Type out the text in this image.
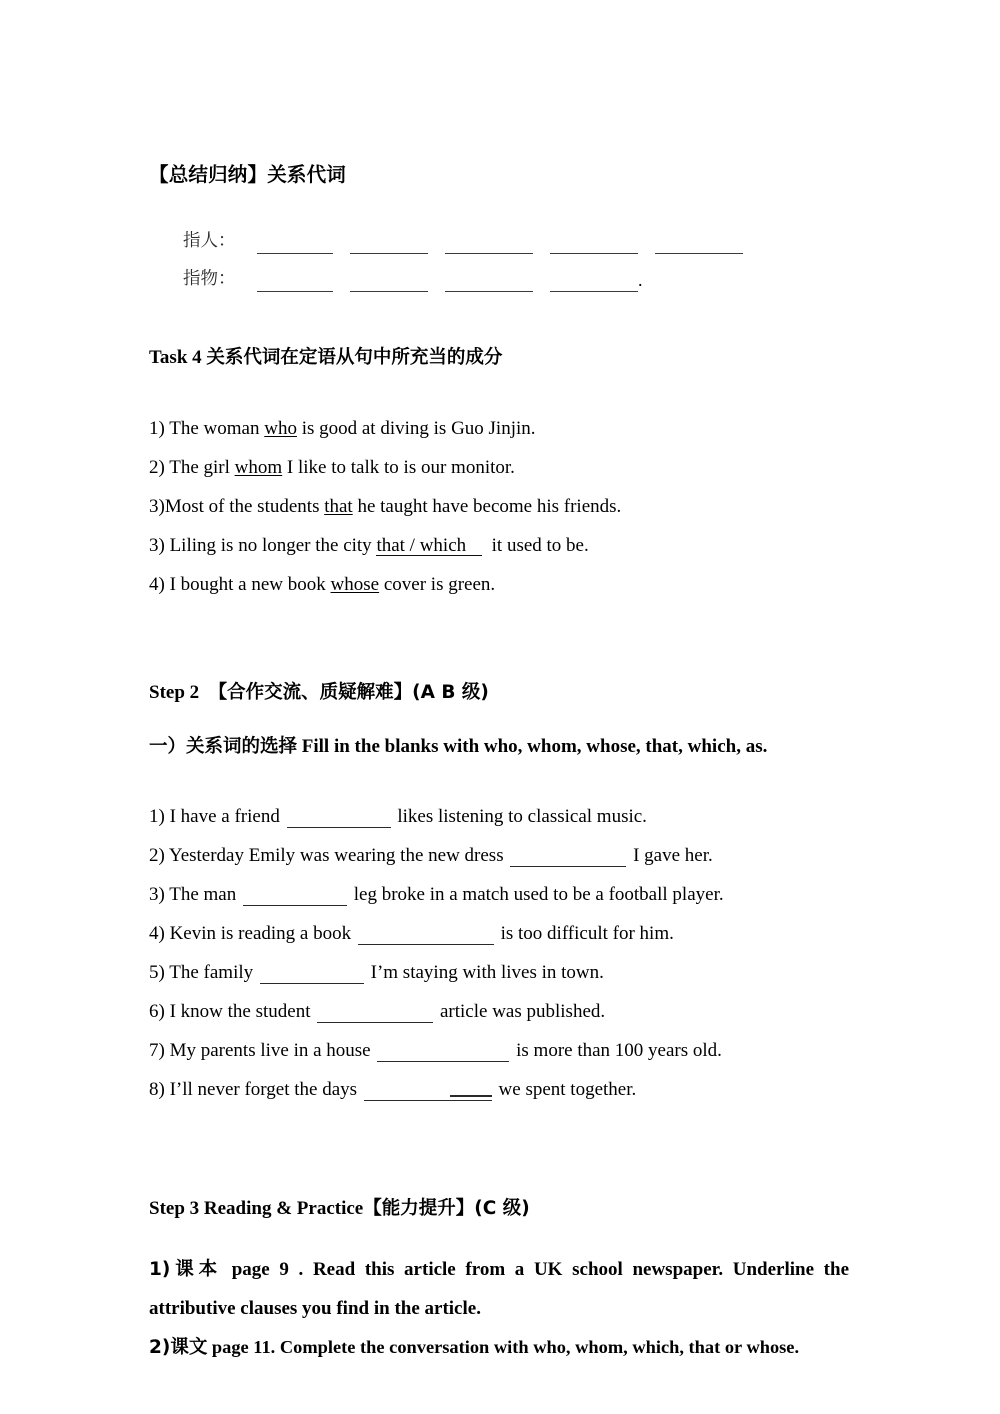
【总结归纳】关系代词
指人：
指物：	.
Task 4 关系代词在定语从句中所充当的成分
1) The woman who is good at diving is Guo Jinjin.
2) The girl whom I like to talk to is our monitor.
3) Most of the students that he taught have become his friends.
3) Liling is no longer the city that / which it used to be.
4) I bought a new book whose cover is green.
Step 2 【合作交流、质疑解难】(A B 级)
一）关系词的选择 Fill in the blanks with who, whom, whose, that, which, as.
1) I have a friend	likes listening to classical music.
2) Yesterday Emily was wearing the new dress	I gave her.
3) The man	leg broke in a match used to be a football player.
4) Kevin is reading a book	is too difficult for him.
5) The family	I’m staying with lives in town.
6) I know the student	article was published.
7) My parents live in a house	is more than 100 years old.
8) I’ll never forget the days	we spent together.
Step 3 Reading & Practice【能力提升】(C 级)

1)课本 page 9 . Read this article from a UK school newspaper. Underline the attributive clauses you find in the article.

2)课文 page 11. Complete the conversation with who, whom, which, that or whose.
